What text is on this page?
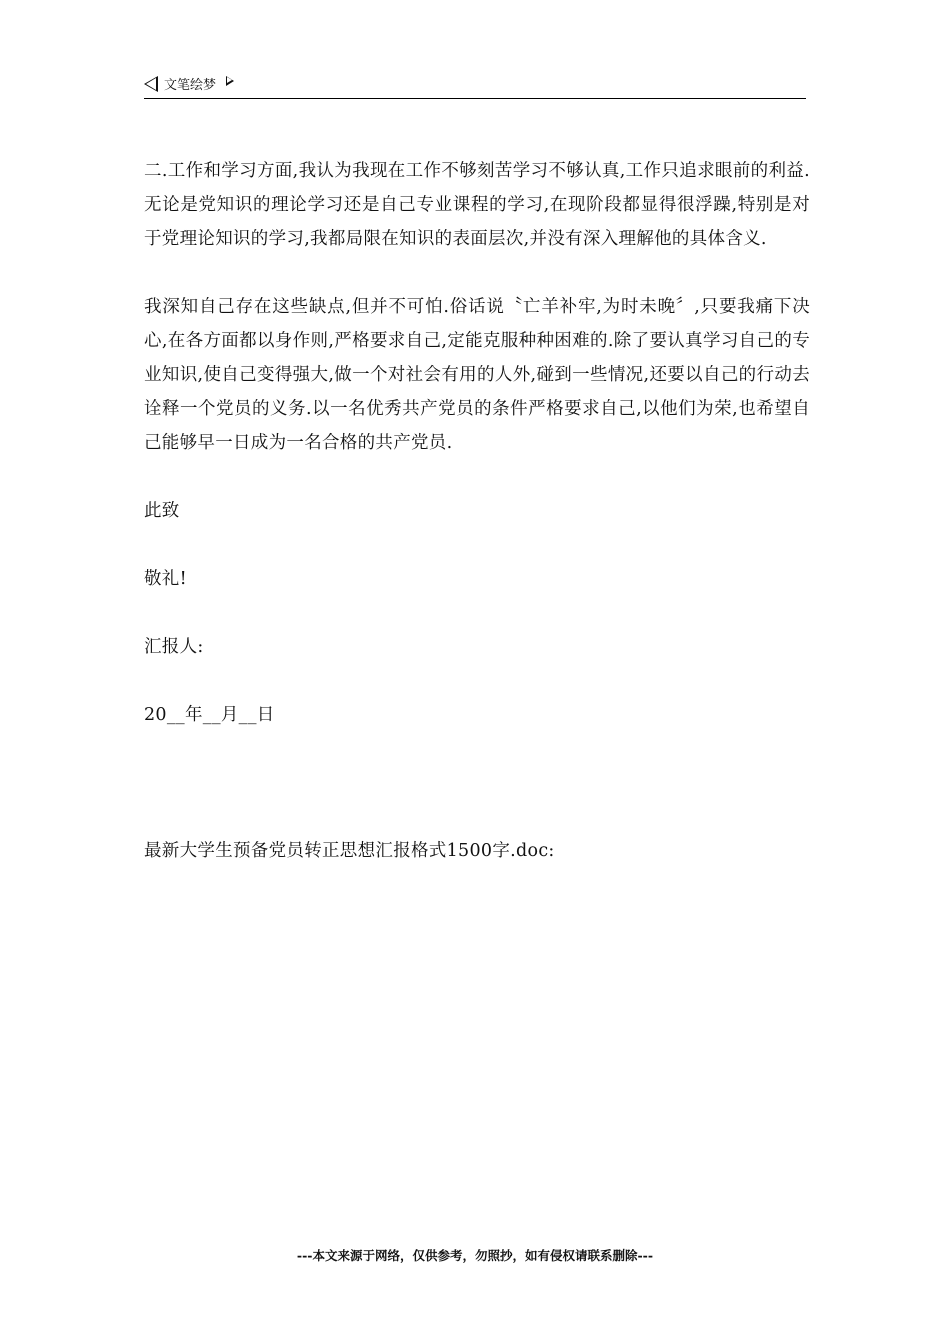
文笔绘梦

二.工作和学习方面,我认为我现在工作不够刻苦学习不够认真,工作只追求眼前的利益.无论是党知识的理论学习还是自己专业课程的学习,在现阶段都显得很浮躁,特别是对于党理论知识的学习,我都局限在知识的表面层次,并没有深入理解他的具体含义.

我深知自己存在这些缺点,但并不可怕.俗话说〝亡羊补牢,为时未晚〞,只要我痛下决心,在各方面都以身作则,严格要求自己,定能克服种种困难的.除了要认真学习自己的专业知识,使自己变得强大,做一个对社会有用的人外,碰到一些情况,还要以自己的行动去诠释一个党员的义务.以一名优秀共产党员的条件严格要求自己,以他们为荣,也希望自己能够早一日成为一名合格的共产党员.

此致

敬礼!

汇报人:

20__年__月__日

最新大学生预备党员转正思想汇报格式1500字.doc:

---本文来源于网络，仅供参考，勿照抄，如有侵权请联系删除---
